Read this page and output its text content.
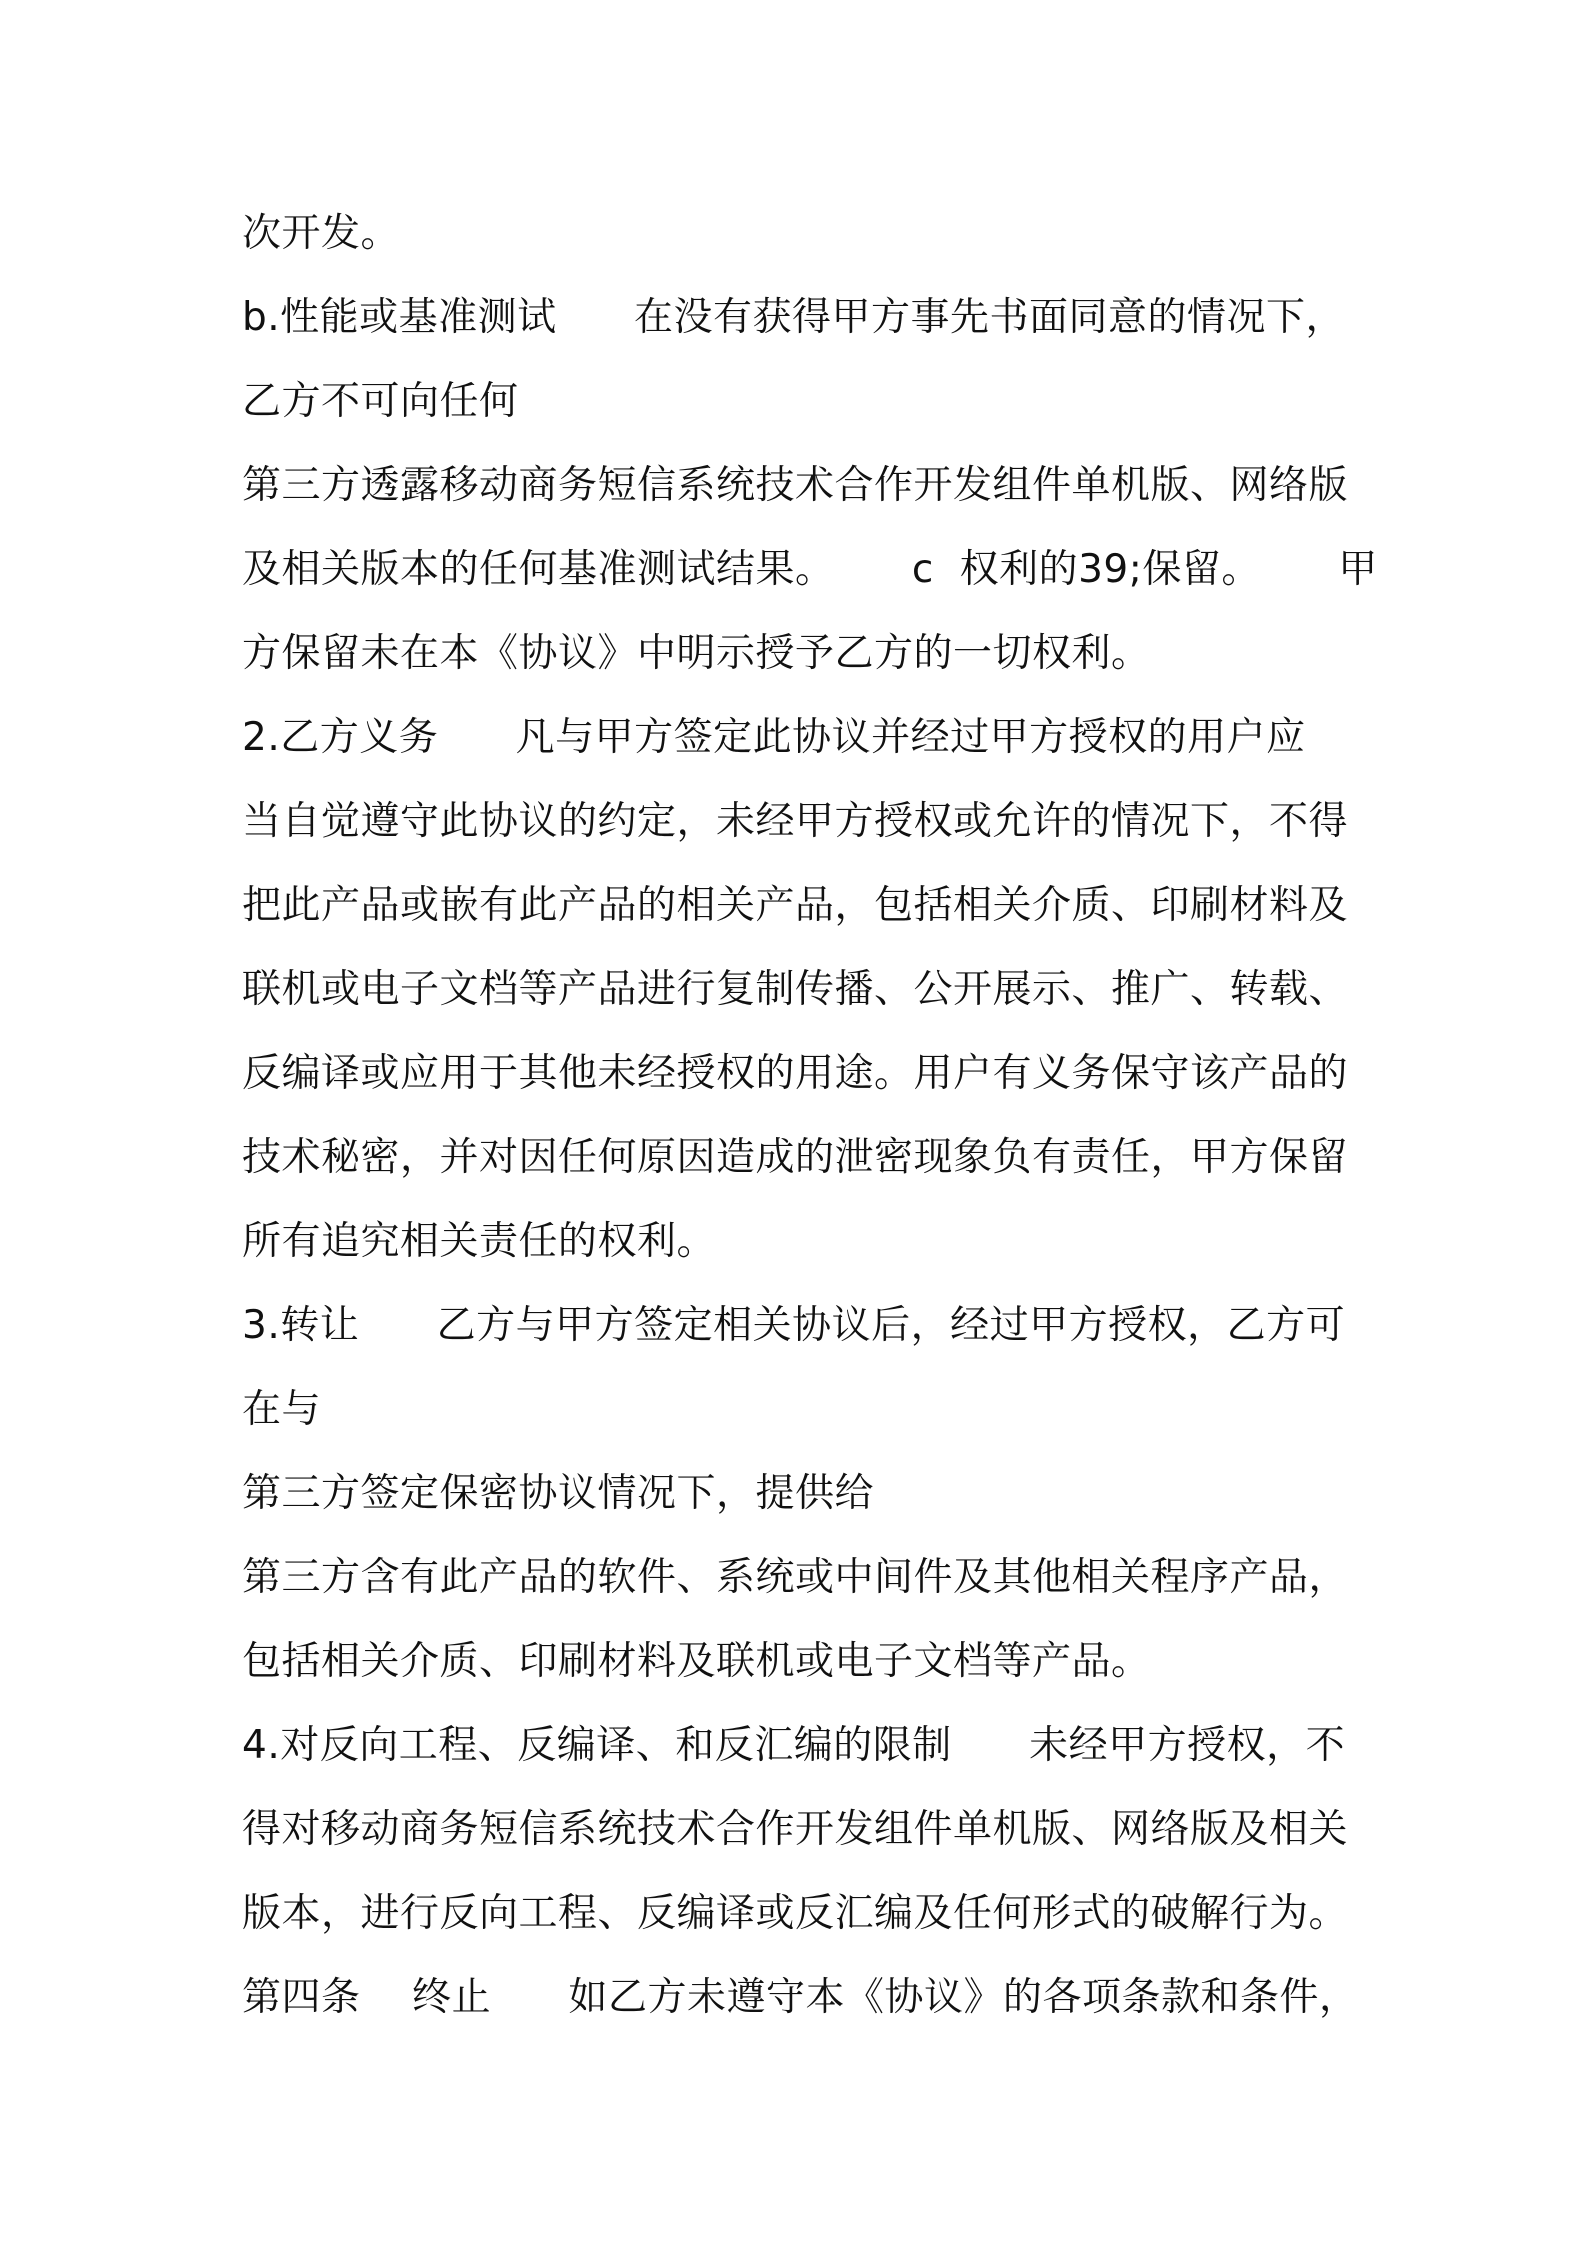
次开发。
b.性能或基准测试      在没有获得甲方事先书面同意的情况下，
乙方不可向任何
第三方透露移动商务短信系统技术合作开发组件单机版、网络版
及相关版本的任何基准测试结果。      c  权利的39;保留。      甲
方保留未在本《协议》中明示授予乙方的一切权利。
2.乙方义务      凡与甲方签定此协议并经过甲方授权的用户应
当自觉遵守此协议的约定，未经甲方授权或允许的情况下，不得
把此产品或嵌有此产品的相关产品，包括相关介质、印刷材料及
联机或电子文档等产品进行复制传播、公开展示、推广、转载、
反编译或应用于其他未经授权的用途。用户有义务保守该产品的
技术秘密，并对因任何原因造成的泄密现象负有责任，甲方保留
所有追究相关责任的权利。
3.转让      乙方与甲方签定相关协议后，经过甲方授权，乙方可
在与
第三方签定保密协议情况下，提供给
第三方含有此产品的软件、系统或中间件及其他相关程序产品，
包括相关介质、印刷材料及联机或电子文档等产品。
4.对反向工程、反编译、和反汇编的限制      未经甲方授权，不
得对移动商务短信系统技术合作开发组件单机版、网络版及相关
版本，进行反向工程、反编译或反汇编及任何形式的破解行为。
第四条    终止      如乙方未遵守本《协议》的各项条款和条件，
